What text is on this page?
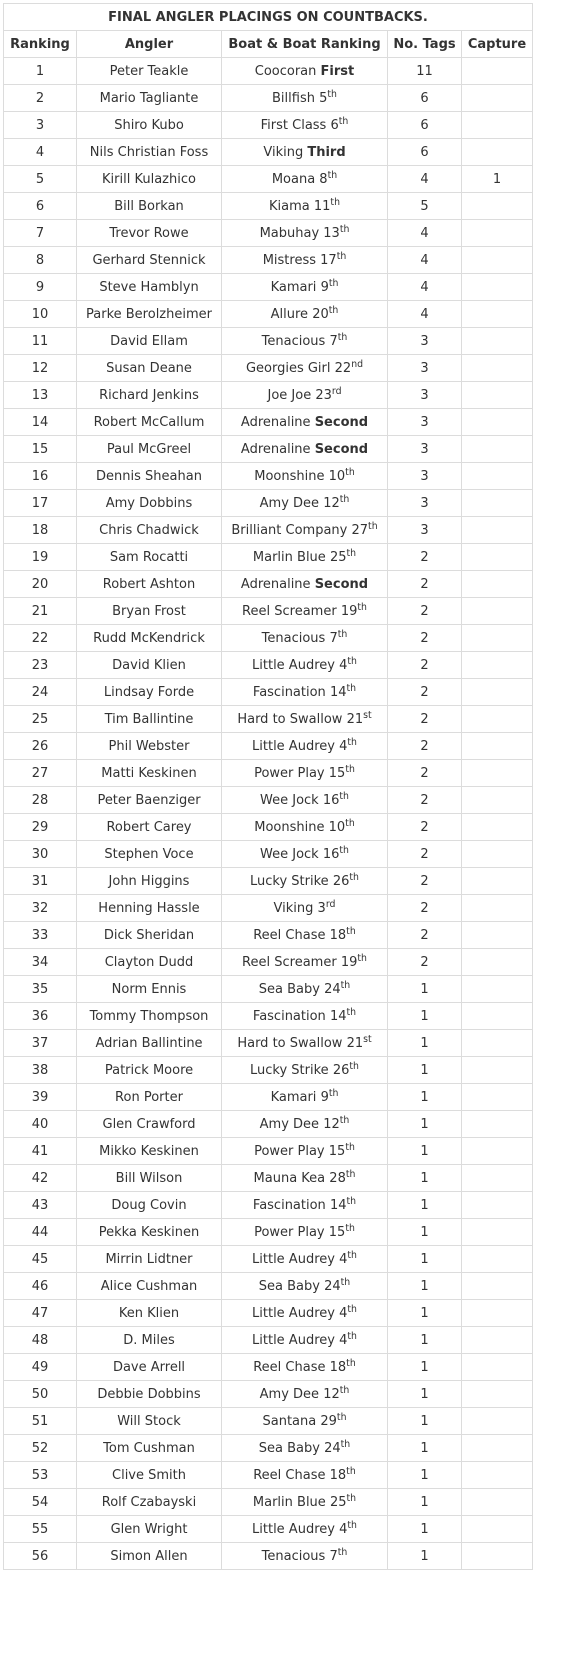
FINAL ANGLER PLACINGS ON COUNTBACKS.				
Ranking	Angler	Boat & Boat Ranking	No. Tags	Capture
1	Peter Teakle	Coocoran First	11	
2	Mario Tagliante	Billfish 5th	6	
3	Shiro Kubo	First Class 6th	6	
4	Nils Christian Foss	Viking Third	6	
5	Kirill Kulazhico	Moana 8th	4	1
6	Bill Borkan	Kiama 11th	5	
7	Trevor Rowe	Mabuhay 13th	4	
8	Gerhard Stennick	Mistress 17th	4	
9	Steve Hamblyn	Kamari 9th	4	
10	Parke Berolzheimer	Allure 20th	4	
11	David Ellam	Tenacious 7th	3	
12	Susan Deane	Georgies Girl 22nd	3	
13	Richard Jenkins	Joe Joe 23rd	3	
14	Robert McCallum	Adrenaline Second	3	
15	Paul McGreel	Adrenaline Second	3	
16	Dennis Sheahan	Moonshine 10th	3	
17	Amy Dobbins	Amy Dee 12th	3	
18	Chris Chadwick	Brilliant Company 27th	3	
19	Sam Rocatti	Marlin Blue 25th	2	
20	Robert Ashton	Adrenaline Second	2	
21	Bryan Frost	Reel Screamer 19th	2	
22	Rudd McKendrick	Tenacious 7th	2	
23	David Klien	Little Audrey 4th	2	
24	Lindsay Forde	Fascination 14th	2	
25	Tim Ballintine	Hard to Swallow 21st	2	
26	Phil Webster	Little Audrey 4th	2	
27	Matti Keskinen	Power Play 15th	2	
28	Peter Baenziger	Wee Jock 16th	2	
29	Robert Carey	Moonshine 10th	2	
30	Stephen Voce	Wee Jock 16th	2	
31	John Higgins	Lucky Strike 26th	2	
32	Henning Hassle	Viking 3rd	2	
33	Dick Sheridan	Reel Chase 18th	2	
34	Clayton Dudd	Reel Screamer 19th	2	
35	Norm Ennis	Sea Baby 24th	1	
36	Tommy Thompson	Fascination 14th	1	
37	Adrian Ballintine	Hard to Swallow 21st	1	
38	Patrick Moore	Lucky Strike 26th	1	
39	Ron Porter	Kamari 9th	1	
40	Glen Crawford	Amy Dee 12th	1	
41	Mikko Keskinen	Power Play 15th	1	
42	Bill Wilson	Mauna Kea 28th	1	
43	Doug Covin	Fascination 14th	1	
44	Pekka Keskinen	Power Play 15th	1	
45	Mirrin Lidtner	Little Audrey 4th	1	
46	Alice Cushman	Sea Baby 24th	1	
47	Ken Klien	Little Audrey 4th	1	
48	D. Miles	Little Audrey 4th	1	
49	Dave Arrell	Reel Chase 18th	1	
50	Debbie Dobbins	Amy Dee 12th	1	
51	Will Stock	Santana 29th	1	
52	Tom Cushman	Sea Baby 24th	1	
53	Clive Smith	Reel Chase 18th	1	
54	Rolf Czabayski	Marlin Blue 25th	1	
55	Glen Wright	Little Audrey 4th	1	
56	Simon Allen	Tenacious 7th	1	
